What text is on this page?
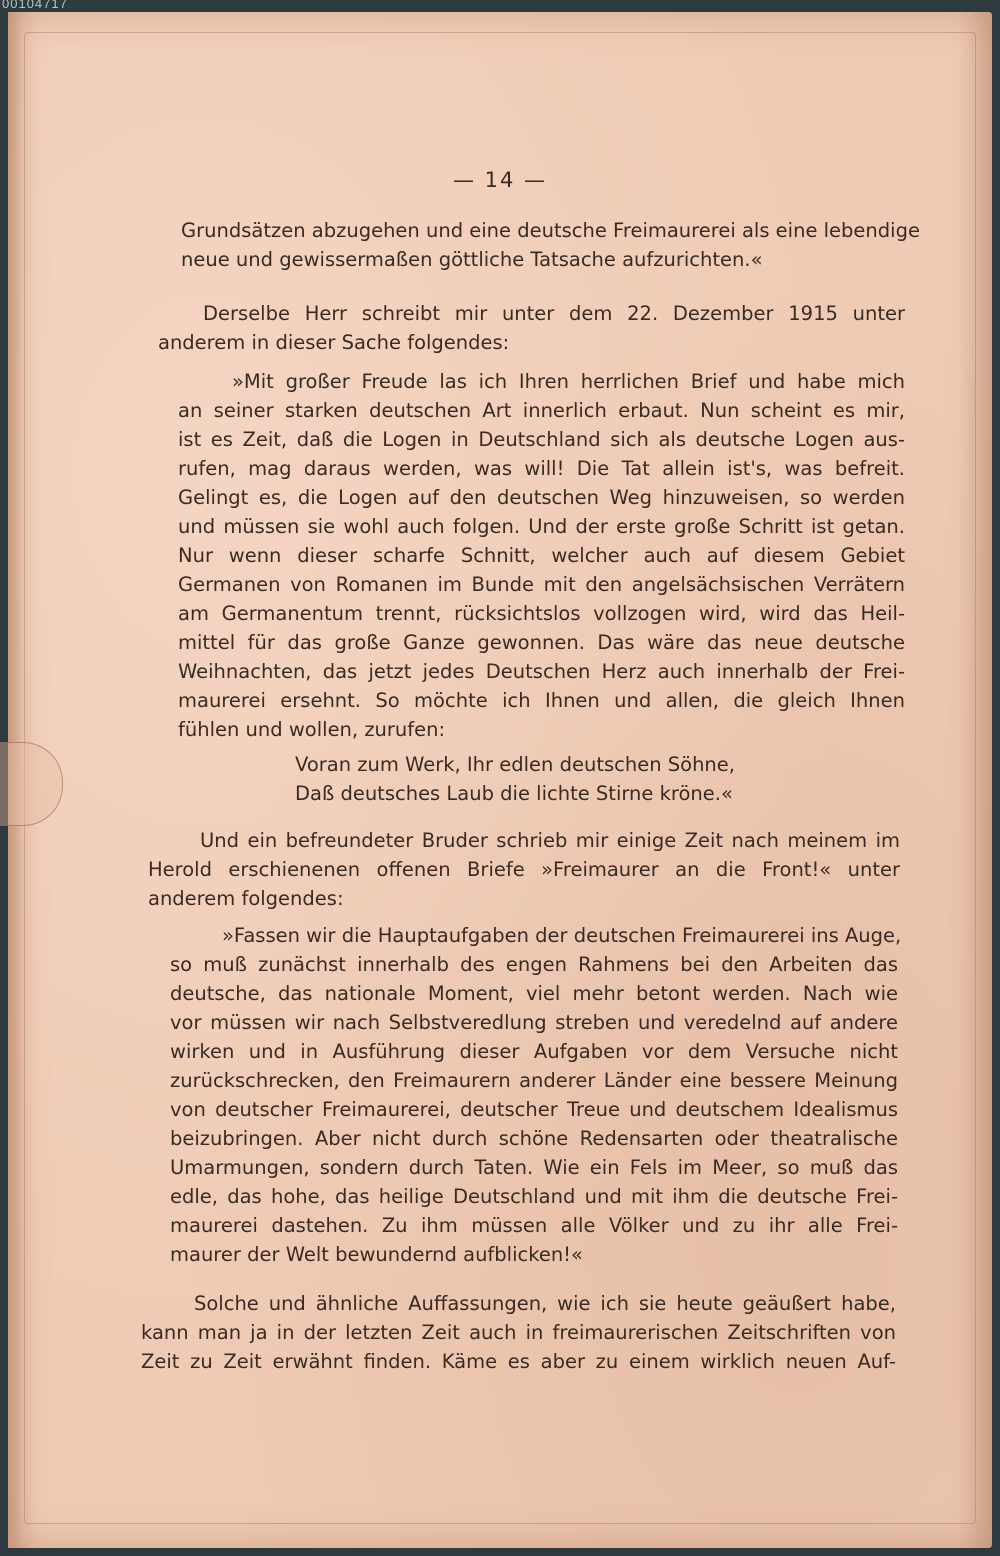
00104717
— 14 —
Grundsätzen abzugehen und eine deutsche Freimaurerei als eine lebendige
neue und gewissermaßen göttliche Tatsache aufzurichten.«
Derselbe Herr schreibt mir unter dem 22. Dezember 1915 unter
anderem in dieser Sache folgendes:
»Mit großer Freude las ich Ihren herrlichen Brief und habe mich
an seiner starken deutschen Art innerlich erbaut. Nun scheint es mir,
ist es Zeit, daß die Logen in Deutschland sich als deutsche Logen aus-
rufen, mag daraus werden, was will! Die Tat allein ist's, was befreit.
Gelingt es, die Logen auf den deutschen Weg hinzuweisen, so werden
und müssen sie wohl auch folgen. Und der erste große Schritt ist getan.
Nur wenn dieser scharfe Schnitt, welcher auch auf diesem Gebiet
Germanen von Romanen im Bunde mit den angelsächsischen Verrätern
am Germanentum trennt, rücksichtslos vollzogen wird, wird das Heil-
mittel für das große Ganze gewonnen. Das wäre das neue deutsche
Weihnachten, das jetzt jedes Deutschen Herz auch innerhalb der Frei-
maurerei ersehnt. So möchte ich Ihnen und allen, die gleich Ihnen
fühlen und wollen, zurufen:
Voran zum Werk, Ihr edlen deutschen Söhne,
Daß deutsches Laub die lichte Stirne kröne.«
Und ein befreundeter Bruder schrieb mir einige Zeit nach meinem im
Herold erschienenen offenen Briefe »Freimaurer an die Front!« unter
anderem folgendes:
»Fassen wir die Hauptaufgaben der deutschen Freimaurerei ins Auge,
so muß zunächst innerhalb des engen Rahmens bei den Arbeiten das
deutsche, das nationale Moment, viel mehr betont werden. Nach wie
vor müssen wir nach Selbstveredlung streben und veredelnd auf andere
wirken und in Ausführung dieser Aufgaben vor dem Versuche nicht
zurückschrecken, den Freimaurern anderer Länder eine bessere Meinung
von deutscher Freimaurerei, deutscher Treue und deutschem Idealismus
beizubringen. Aber nicht durch schöne Redensarten oder theatralische
Umarmungen, sondern durch Taten. Wie ein Fels im Meer, so muß das
edle, das hohe, das heilige Deutschland und mit ihm die deutsche Frei-
maurerei dastehen. Zu ihm müssen alle Völker und zu ihr alle Frei-
maurer der Welt bewundernd aufblicken!«
Solche und ähnliche Auffassungen, wie ich sie heute geäußert habe,
kann man ja in der letzten Zeit auch in freimaurerischen Zeitschriften von
Zeit zu Zeit erwähnt finden. Käme es aber zu einem wirklich neuen Auf-
